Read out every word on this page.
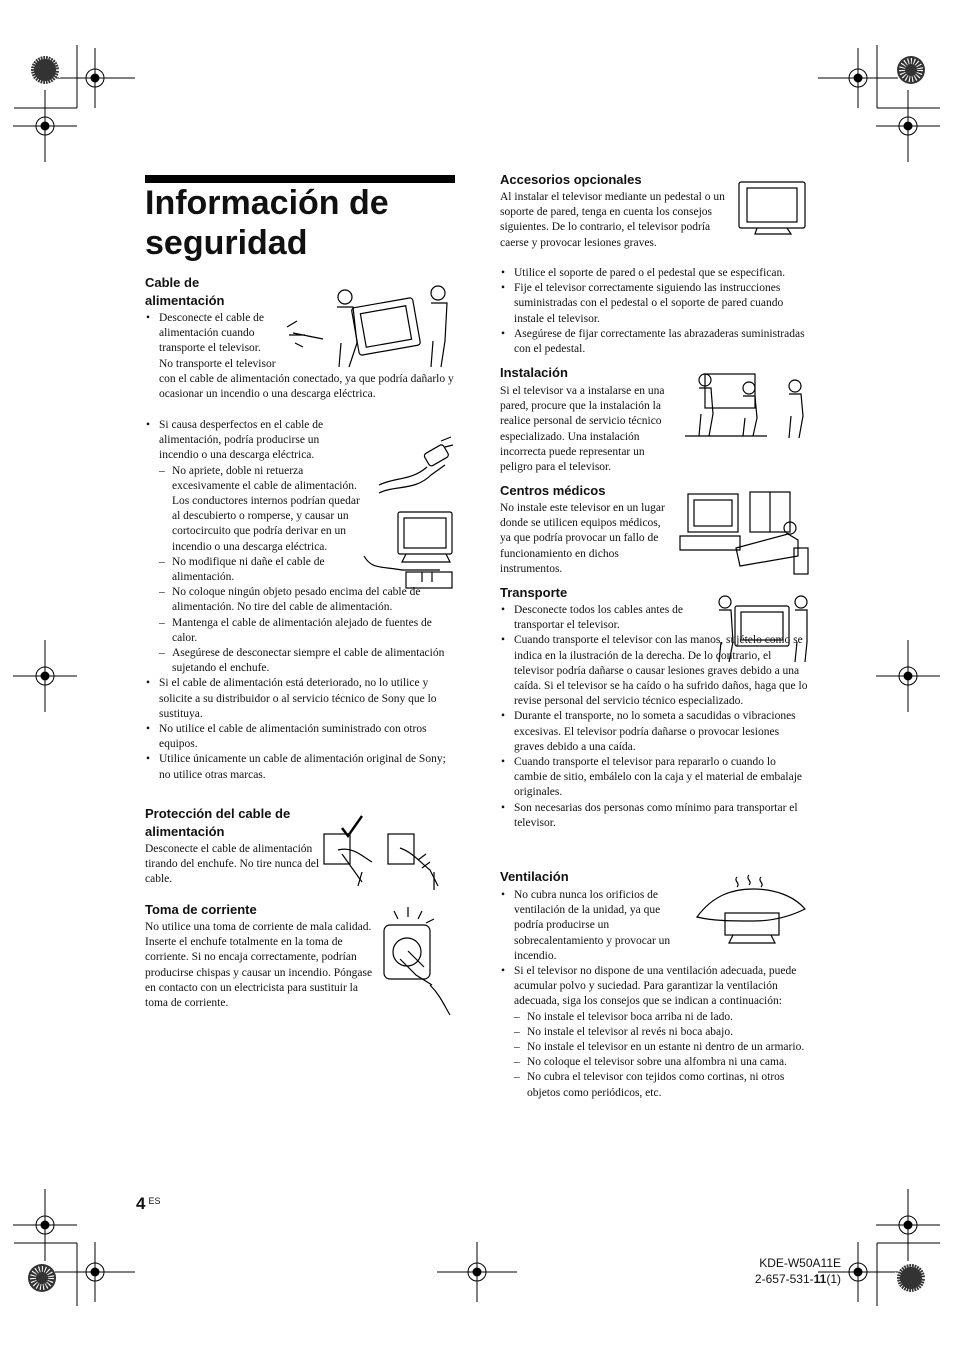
Información de seguridad
Cable de alimentación
• Desconecte el cable de alimentación cuando transporte el televisor. No transporte el televisor con el cable de alimentación conectado, ya que podría dañarlo y ocasionar un incendio o una descarga eléctrica.
• Si causa desperfectos en el cable de alimentación, podría producirse un incendio o una descarga eléctrica.
– No apriete, doble ni retuerza excesivamente el cable de alimentación. Los conductores internos podrían quedar al descubierto o romperse, y causar un cortocircuito que podría derivar en un incendio o una descarga eléctrica.
– No modifique ni dañe el cable de alimentación.
– No coloque ningún objeto pesado encima del cable de alimentación. No tire del cable de alimentación.
– Mantenga el cable de alimentación alejado de fuentes de calor.
– Asegúrese de desconectar siempre el cable de alimentación sujetando el enchufe.
• Si el cable de alimentación está deteriorado, no lo utilice y solicite a su distribuidor o al servicio técnico de Sony que lo sustituya.
• No utilice el cable de alimentación suministrado con otros equipos.
• Utilice únicamente un cable de alimentación original de Sony; no utilice otras marcas.
Protección del cable de alimentación

Desconecte el cable de alimentación tirando del enchufe. No tire nunca del cable.

Toma de corriente

No utilice una toma de corriente de mala calidad. Inserte el enchufe totalmente en la toma de corriente. Si no encaja correctamente, podrían producirse chispas y causar un incendio. Póngase en contacto con un electricista para sustituir la toma de corriente.

Accesorios opcionales

Al instalar el televisor mediante un pedestal o un soporte de pared, tenga en cuenta los consejos siguientes. De lo contrario, el televisor podría caerse y provocar lesiones graves.

• Utilice el soporte de pared o el pedestal que se especifican.
• Fije el televisor correctamente siguiendo las instrucciones suministradas con el pedestal o el soporte de pared cuando instale el televisor.
• Asegúrese de fijar correctamente las abrazaderas suministradas con el pedestal.
Instalación

Si el televisor va a instalarse en una pared, procure que la instalación la realice personal de servicio técnico especializado. Una instalación incorrecta puede representar un peligro para el televisor.

Centros médicos

No instale este televisor en un lugar donde se utilicen equipos médicos, ya que podría provocar un fallo de funcionamiento en dichos instrumentos.

Transporte
• Desconecte todos los cables antes de transportar el televisor.
• Cuando transporte el televisor con las manos, sujételo como se indica en la ilustración de la derecha. De lo contrario, el televisor podría dañarse o causar lesiones graves debido a una caída. Si el televisor se ha caído o ha sufrido daños, haga que lo revise personal del servicio técnico especializado.
• Durante el transporte, no lo someta a sacudidas o vibraciones excesivas. El televisor podría dañarse o provocar lesiones graves debido a una caída.
• Cuando transporte el televisor para repararlo o cuando lo cambie de sitio, embálelo con la caja y el material de embalaje originales.
• Son necesarias dos personas como mínimo para transportar el televisor.
Ventilación
• No cubra nunca los orificios de ventilación de la unidad, ya que podría producirse un sobrecalentamiento y provocar un incendio.
• Si el televisor no dispone de una ventilación adecuada, puede acumular polvo y suciedad. Para garantizar la ventilación adecuada, siga los consejos que se indican a continuación:
– No instale el televisor boca arriba ni de lado.
– No instale el televisor al revés ni boca abajo.
– No instale el televisor en un estante ni dentro de un armario.
– No coloque el televisor sobre una alfombra ni una cama.
– No cubra el televisor con tejidos como cortinas, ni otros objetos como periódicos, etc.
4 $^{ES}$
KDE-W50A11E
2-657-531-11(1)
